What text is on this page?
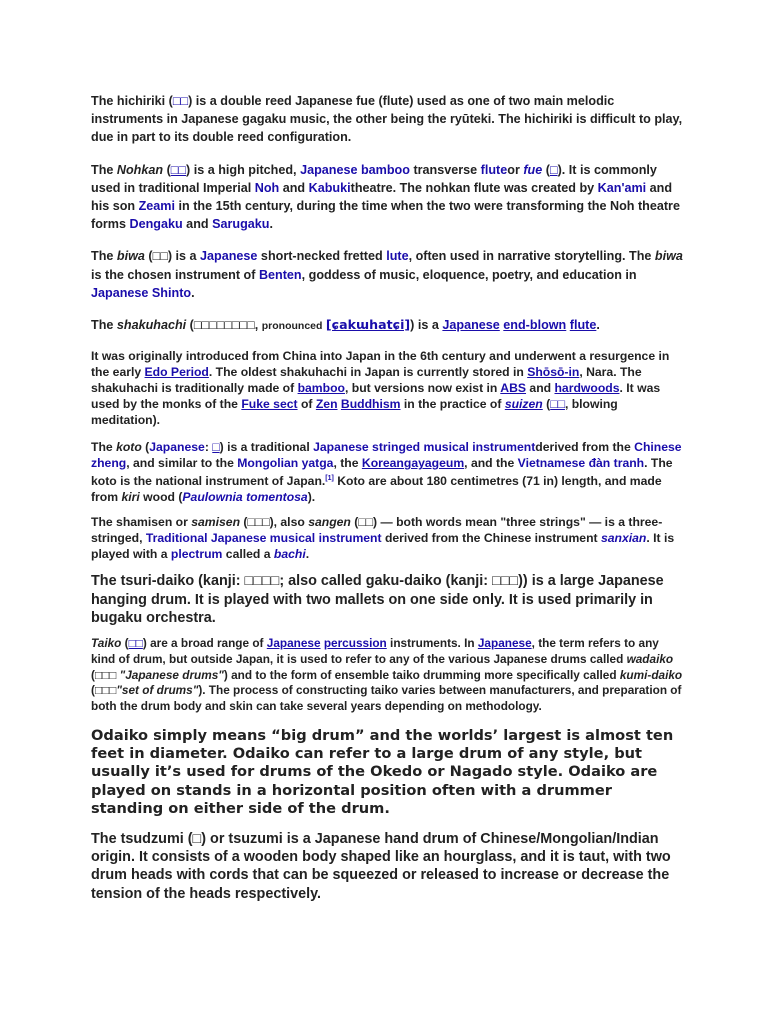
The hichiriki (□□) is a double reed Japanese fue (flute) used as one of two main melodic instruments in Japanese gagaku music, the other being the ryūteki. The hichiriki is difficult to play, due in part to its double reed configuration.

The Nohkan (□□) is a high pitched, Japanese bamboo transverse fluteor fue (□). It is commonly used in traditional Imperial Noh and Kabukitheatre. The nohkan flute was created by Kan'ami and his son Zeami in the 15th century, during the time when the two were transforming the Noh theatre forms Dengaku and Sarugaku.

The biwa (□□) is a Japanese short-necked fretted lute, often used in narrative storytelling. The biwa is the chosen instrument of Benten, goddess of music, eloquence, poetry, and education in Japanese Shinto.

The shakuhachi (□□□□□□□□, pronounced [ɕakɯhatɕi]) is a Japanese end-blown flute.

It was originally introduced from China into Japan in the 6th century and underwent a resurgence in the early Edo Period. The oldest shakuhachi in Japan is currently stored in Shōsō-in, Nara. The shakuhachi is traditionally made of bamboo, but versions now exist in ABS and hardwoods. It was used by the monks of the Fuke sect of Zen Buddhism in the practice of suizen (□□, blowing meditation).

The koto (Japanese: □) is a traditional Japanese stringed musical instrumentderived from the Chinese zheng, and similar to the Mongolian yatga, the Koreangayageum, and the Vietnamese đàn tranh. The koto is the national instrument of Japan.[1] Koto are about 180 centimetres (71 in) length, and made from kiri wood (Paulownia tomentosa).

The shamisen or samisen (□□□), also sangen (□□) — both words mean "three strings" — is a three-stringed, Traditional Japanese musical instrument derived from the Chinese instrument sanxian. It is played with a plectrum called a bachi.

The tsuri-daiko (kanji: □□□□; also called gaku-daiko (kanji: □□□)) is a large Japanese hanging drum. It is played with two mallets on one side only. It is used primarily in bugaku orchestra.

Taiko (□□) are a broad range of Japanese percussion instruments. In Japanese, the term refers to any kind of drum, but outside Japan, it is used to refer to any of the various Japanese drums called wadaiko (□□□ "Japanese drums") and to the form of ensemble taiko drumming more specifically called kumi-daiko (□□□"set of drums"). The process of constructing taiko varies between manufacturers, and preparation of both the drum body and skin can take several years depending on methodology.

Odaiko simply means “big drum” and the worlds’ largest is almost ten feet in diameter. Odaiko can refer to a large drum of any style, but usually it’s used for drums of the Okedo or Nagado style. Odaiko are played on stands in a horizontal position often with a drummer standing on either side of the drum.

The tsudzumi (□) or tsuzumi is a Japanese hand drum of Chinese/Mongolian/Indian origin. It consists of a wooden body shaped like an hourglass, and it is taut, with two drum heads with cords that can be squeezed or released to increase or decrease the tension of the heads respectively.
